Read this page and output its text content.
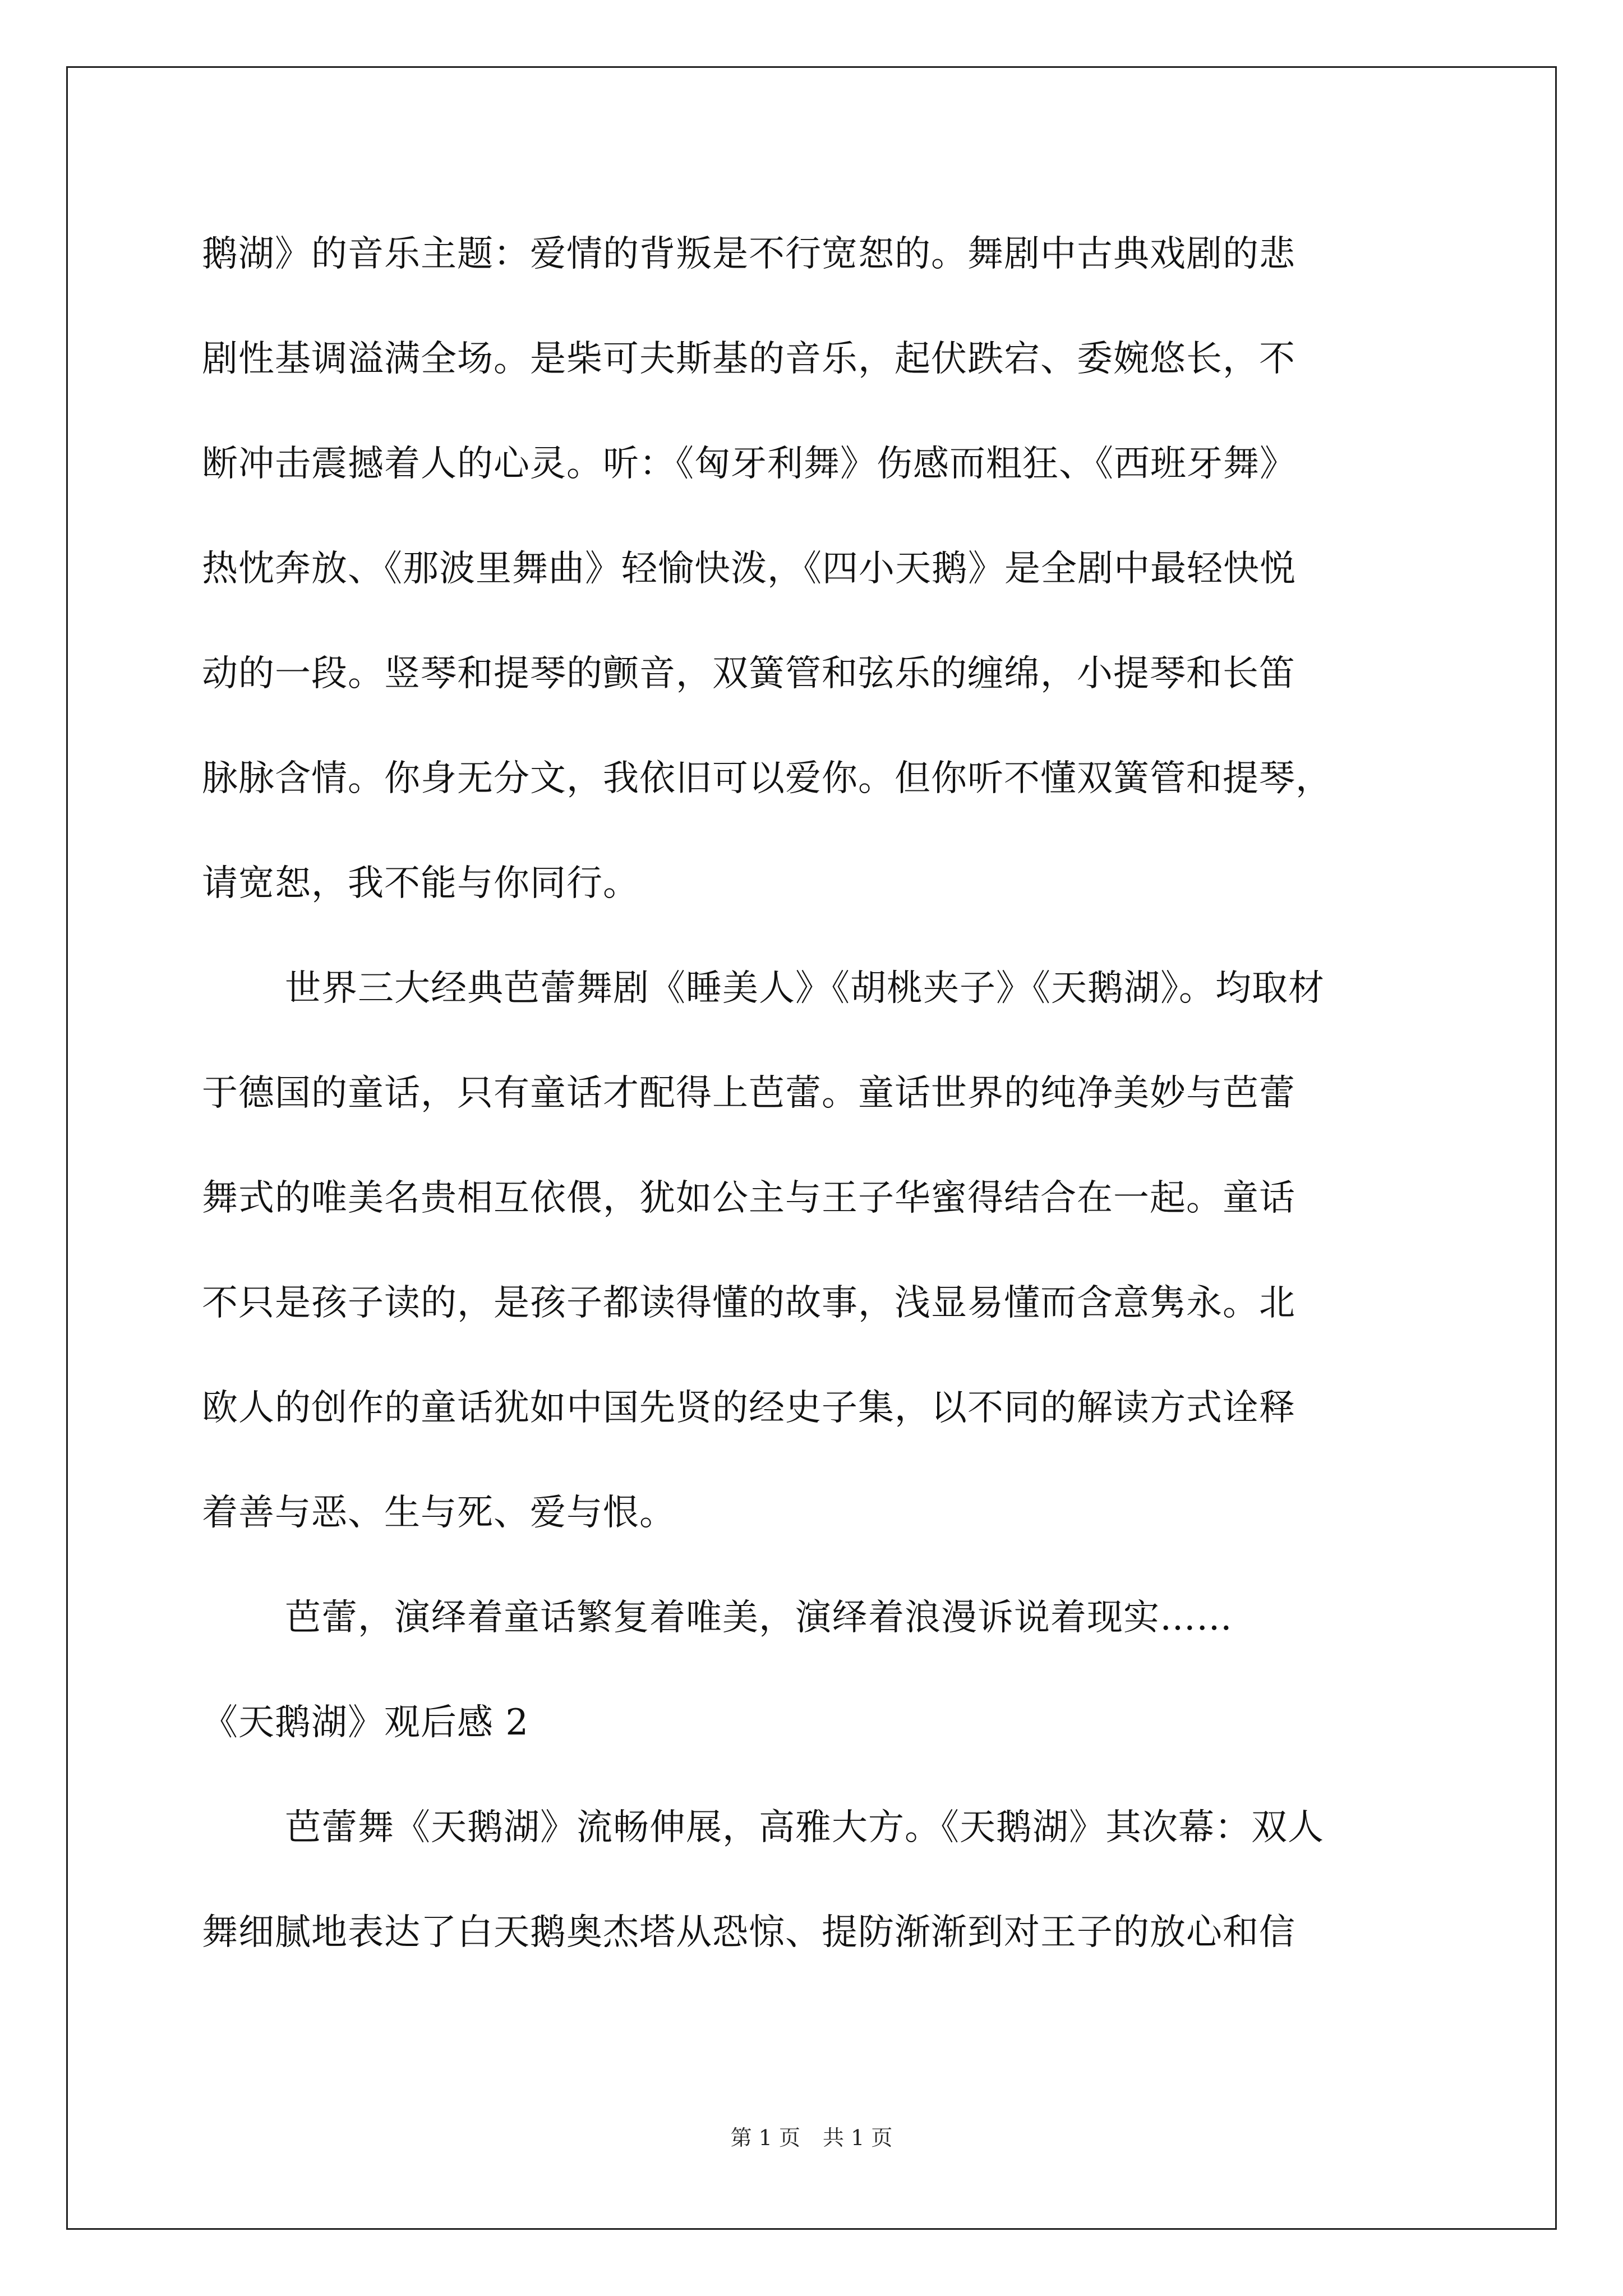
鹅湖》的音乐主题：爱情的背叛是不行宽恕的。舞剧中古典戏剧的悲
剧性基调溢满全场。是柴可夫斯基的音乐，起伏跌宕、委婉悠长，不
断冲击震撼着人的心灵。听：《匈牙利舞》伤感而粗狂、《西班牙舞》
热忱奔放、《那波里舞曲》轻愉快泼，《四小天鹅》是全剧中最轻快悦
动的一段。竖琴和提琴的颤音，双簧管和弦乐的缠绵，小提琴和长笛
脉脉含情。你身无分文，我依旧可以爱你。但你听不懂双簧管和提琴，
请宽恕，我不能与你同行。
世界三大经典芭蕾舞剧《睡美人》《胡桃夹子》《天鹅湖》。均取材
于德国的童话，只有童话才配得上芭蕾。童话世界的纯净美妙与芭蕾
舞式的唯美名贵相互依偎，犹如公主与王子华蜜得结合在一起。童话
不只是孩子读的，是孩子都读得懂的故事，浅显易懂而含意隽永。北
欧人的创作的童话犹如中国先贤的经史子集，以不同的解读方式诠释
着善与恶、生与死、爱与恨。
芭蕾，演绎着童话繁复着唯美，演绎着浪漫诉说着现实……
《天鹅湖》观后感 2
芭蕾舞《天鹅湖》流畅伸展，高雅大方。《天鹅湖》其次幕：双人
舞细腻地表达了白天鹅奥杰塔从恐惊、提防渐渐到对王子的放心和信
第 1 页 共 1 页
